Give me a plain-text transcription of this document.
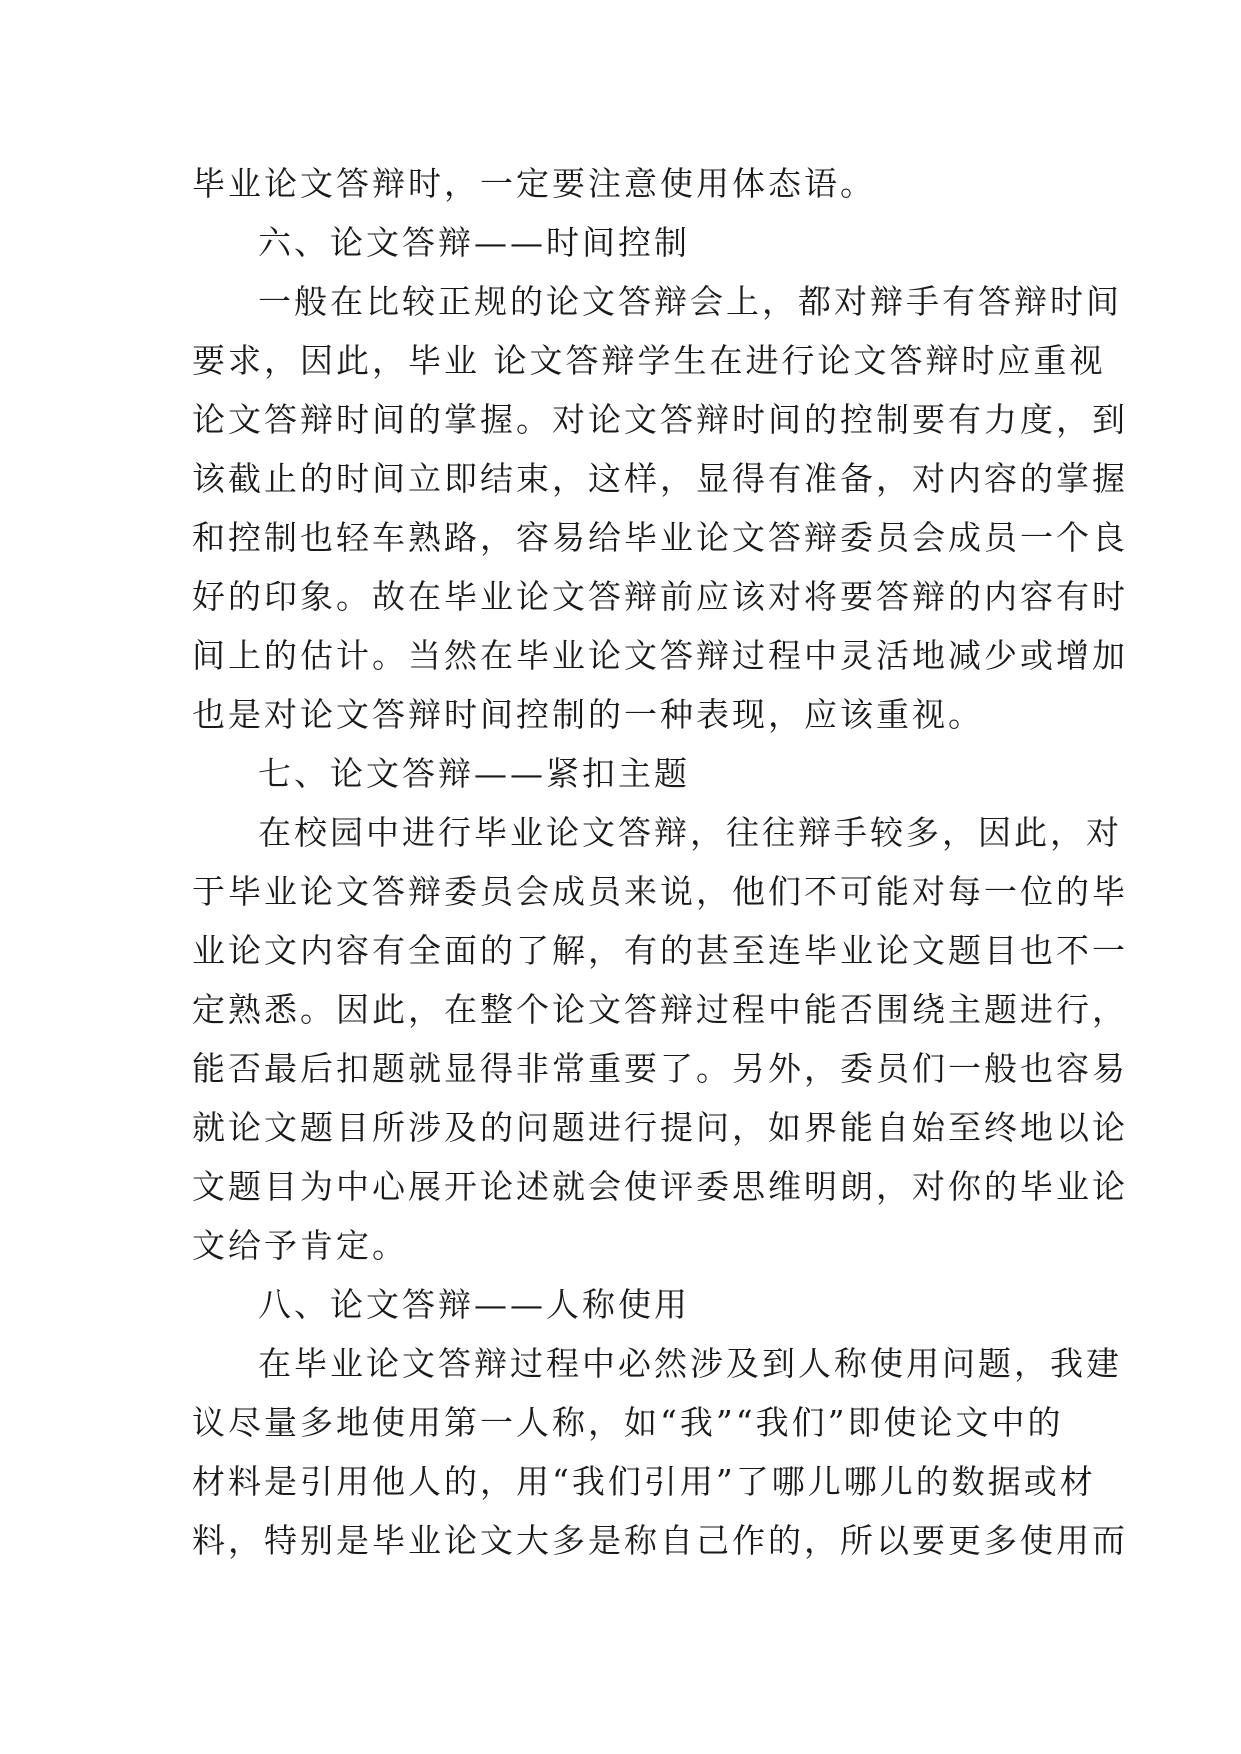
毕业论文答辩时，一定要注意使用体态语。
六、论文答辩——时间控制
一般在比较正规的论文答辩会上，都对辩手有答辩时间
要求，因此，毕业 论文答辩学生在进行论文答辩时应重视
论文答辩时间的掌握。对论文答辩时间的控制要有力度，到
该截止的时间立即结束，这样，显得有准备，对内容的掌握
和控制也轻车熟路，容易给毕业论文答辩委员会成员一个良
好的印象。故在毕业论文答辩前应该对将要答辩的内容有时
间上的估计。当然在毕业论文答辩过程中灵活地减少或增加
也是对论文答辩时间控制的一种表现，应该重视。
七、论文答辩——紧扣主题
在校园中进行毕业论文答辩，往往辩手较多，因此，对
于毕业论文答辩委员会成员来说，他们不可能对每一位的毕
业论文内容有全面的了解，有的甚至连毕业论文题目也不一
定熟悉。因此，在整个论文答辩过程中能否围绕主题进行，
能否最后扣题就显得非常重要了。另外，委员们一般也容易
就论文题目所涉及的问题进行提问，如界能自始至终地以论
文题目为中心展开论述就会使评委思维明朗，对你的毕业论
文给予肯定。
八、论文答辩——人称使用
在毕业论文答辩过程中必然涉及到人称使用问题，我建
议尽量多地使用第一人称，如“我”“我们”即使论文中的
材料是引用他人的，用“我们引用”了哪儿哪儿的数据或材
料，特别是毕业论文大多是称自己作的，所以要更多使用而
